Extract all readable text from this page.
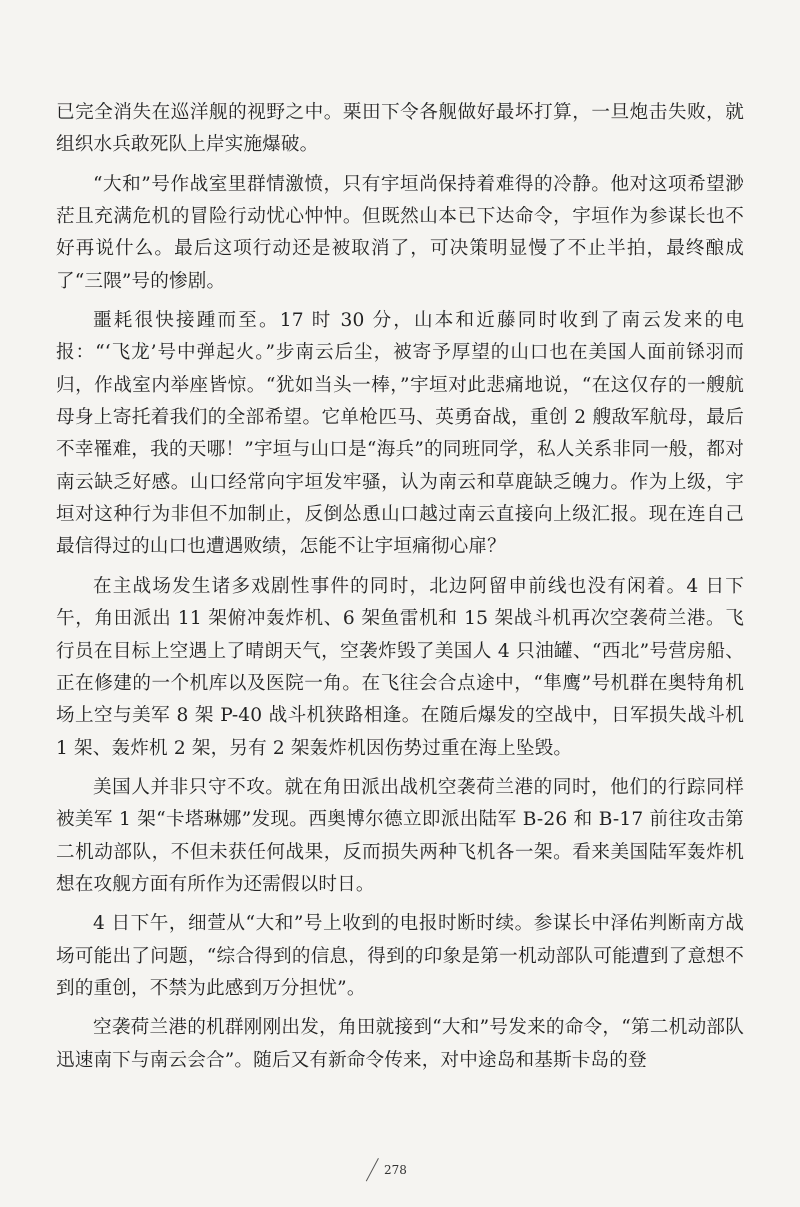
已完全消失在巡洋舰的视野之中。栗田下令各舰做好最坏打算，一旦炮击失败，就组织水兵敢死队上岸实施爆破。

“大和”号作战室里群情激愤，只有宇垣尚保持着难得的冷静。他对这项希望渺茫且充满危机的冒险行动忧心忡忡。但既然山本已下达命令，宇垣作为参谋长也不好再说什么。最后这项行动还是被取消了，可决策明显慢了不止半拍，最终酿成了“三隈”号的惨剧。

噩耗很快接踵而至。17 时 30 分，山本和近藤同时收到了南云发来的电报：“‘飞龙’号中弹起火。”步南云后尘，被寄予厚望的山口也在美国人面前铩羽而归，作战室内举座皆惊。“犹如当头一棒，”宇垣对此悲痛地说，“在这仅存的一艘航母身上寄托着我们的全部希望。它单枪匹马、英勇奋战，重创 2 艘敌军航母，最后不幸罹难，我的天哪！”宇垣与山口是“海兵”的同班同学，私人关系非同一般，都对南云缺乏好感。山口经常向宇垣发牢骚，认为南云和草鹿缺乏魄力。作为上级，宇垣对这种行为非但不加制止，反倒怂恿山口越过南云直接向上级汇报。现在连自己最信得过的山口也遭遇败绩，怎能不让宇垣痛彻心扉？

在主战场发生诸多戏剧性事件的同时，北边阿留申前线也没有闲着。4 日下午，角田派出 11 架俯冲轰炸机、6 架鱼雷机和 15 架战斗机再次空袭荷兰港。飞行员在目标上空遇上了晴朗天气，空袭炸毁了美国人 4 只油罐、“西北”号营房船、正在修建的一个机库以及医院一角。在飞往会合点途中，“隼鹰”号机群在奥特角机场上空与美军 8 架 P-40 战斗机狭路相逢。在随后爆发的空战中，日军损失战斗机 1 架、轰炸机 2 架，另有 2 架轰炸机因伤势过重在海上坠毁。

美国人并非只守不攻。就在角田派出战机空袭荷兰港的同时，他们的行踪同样被美军 1 架“卡塔琳娜”发现。西奥博尔德立即派出陆军 B-26 和 B-17 前往攻击第二机动部队，不但未获任何战果，反而损失两种飞机各一架。看来美国陆军轰炸机想在攻舰方面有所作为还需假以时日。

4 日下午，细萱从“大和”号上收到的电报时断时续。参谋长中泽佑判断南方战场可能出了问题，“综合得到的信息，得到的印象是第一机动部队可能遭到了意想不到的重创，不禁为此感到万分担忧”。

空袭荷兰港的机群刚刚出发，角田就接到“大和”号发来的命令，“第二机动部队迅速南下与南云会合”。随后又有新命令传来，对中途岛和基斯卡岛的登

278
